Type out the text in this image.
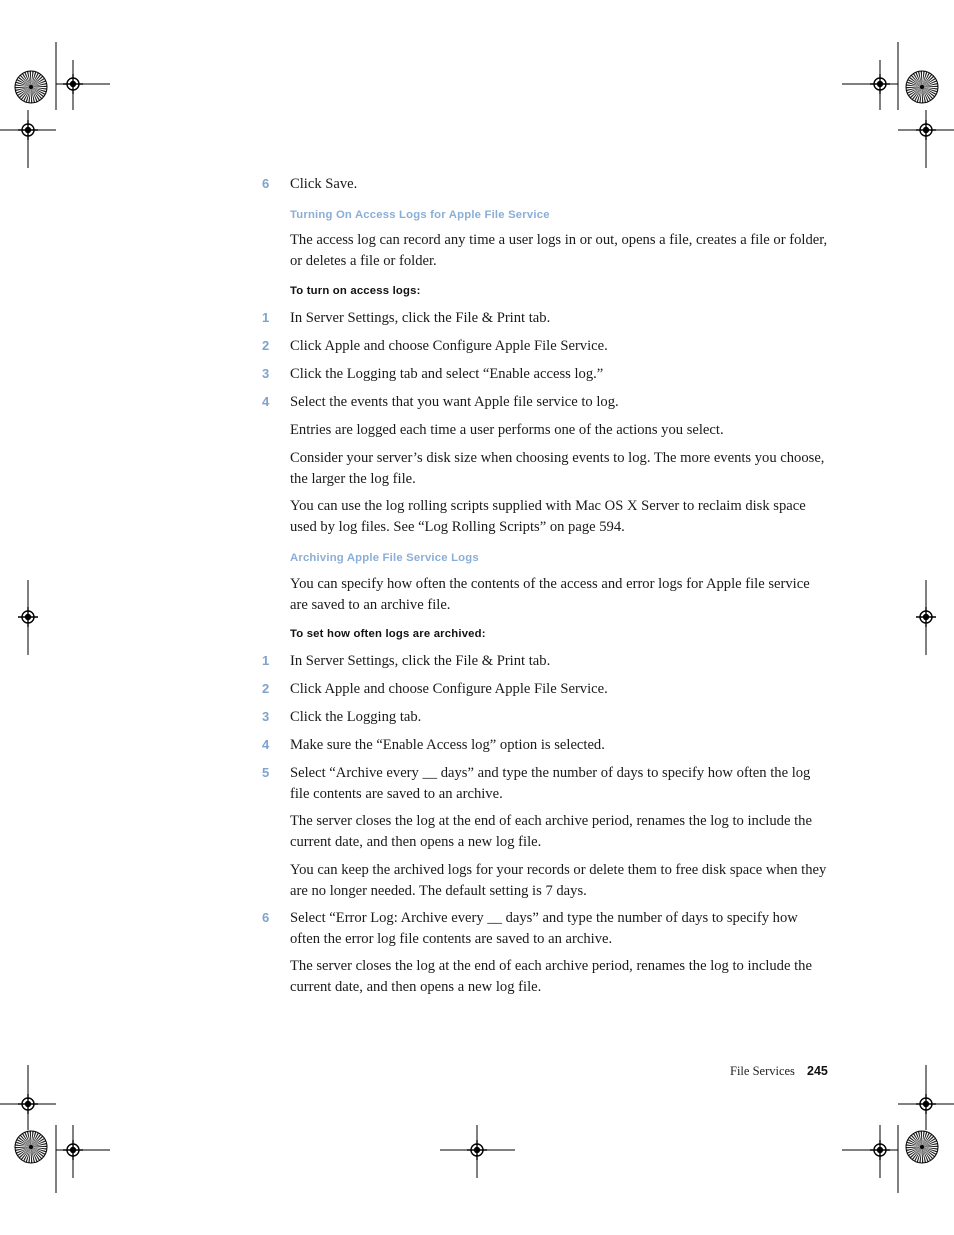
6 Click Save.
Turning On Access Logs for Apple File Service
The access log can record any time a user logs in or out, opens a file, creates a file or folder, or deletes a file or folder.
To turn on access logs:
1 In Server Settings, click the File & Print tab.
2 Click Apple and choose Configure Apple File Service.
3 Click the Logging tab and select “Enable access log.”
4 Select the events that you want Apple file service to log.
Entries are logged each time a user performs one of the actions you select.
Consider your server’s disk size when choosing events to log. The more events you choose, the larger the log file.
You can use the log rolling scripts supplied with Mac OS X Server to reclaim disk space used by log files. See “Log Rolling Scripts” on page 594.
Archiving Apple File Service Logs
You can specify how often the contents of the access and error logs for Apple file service are saved to an archive file.
To set how often logs are archived:
1 In Server Settings, click the File & Print tab.
2 Click Apple and choose Configure Apple File Service.
3 Click the Logging tab.
4 Make sure the “Enable Access log” option is selected.
5 Select “Archive every __ days” and type the number of days to specify how often the log file contents are saved to an archive.
The server closes the log at the end of each archive period, renames the log to include the current date, and then opens a new log file.
You can keep the archived logs for your records or delete them to free disk space when they are no longer needed. The default setting is 7 days.
6 Select “Error Log: Archive every __ days” and type the number of days to specify how often the error log file contents are saved to an archive.
The server closes the log at the end of each archive period, renames the log to include the current date, and then opens a new log file.
File Services 245
